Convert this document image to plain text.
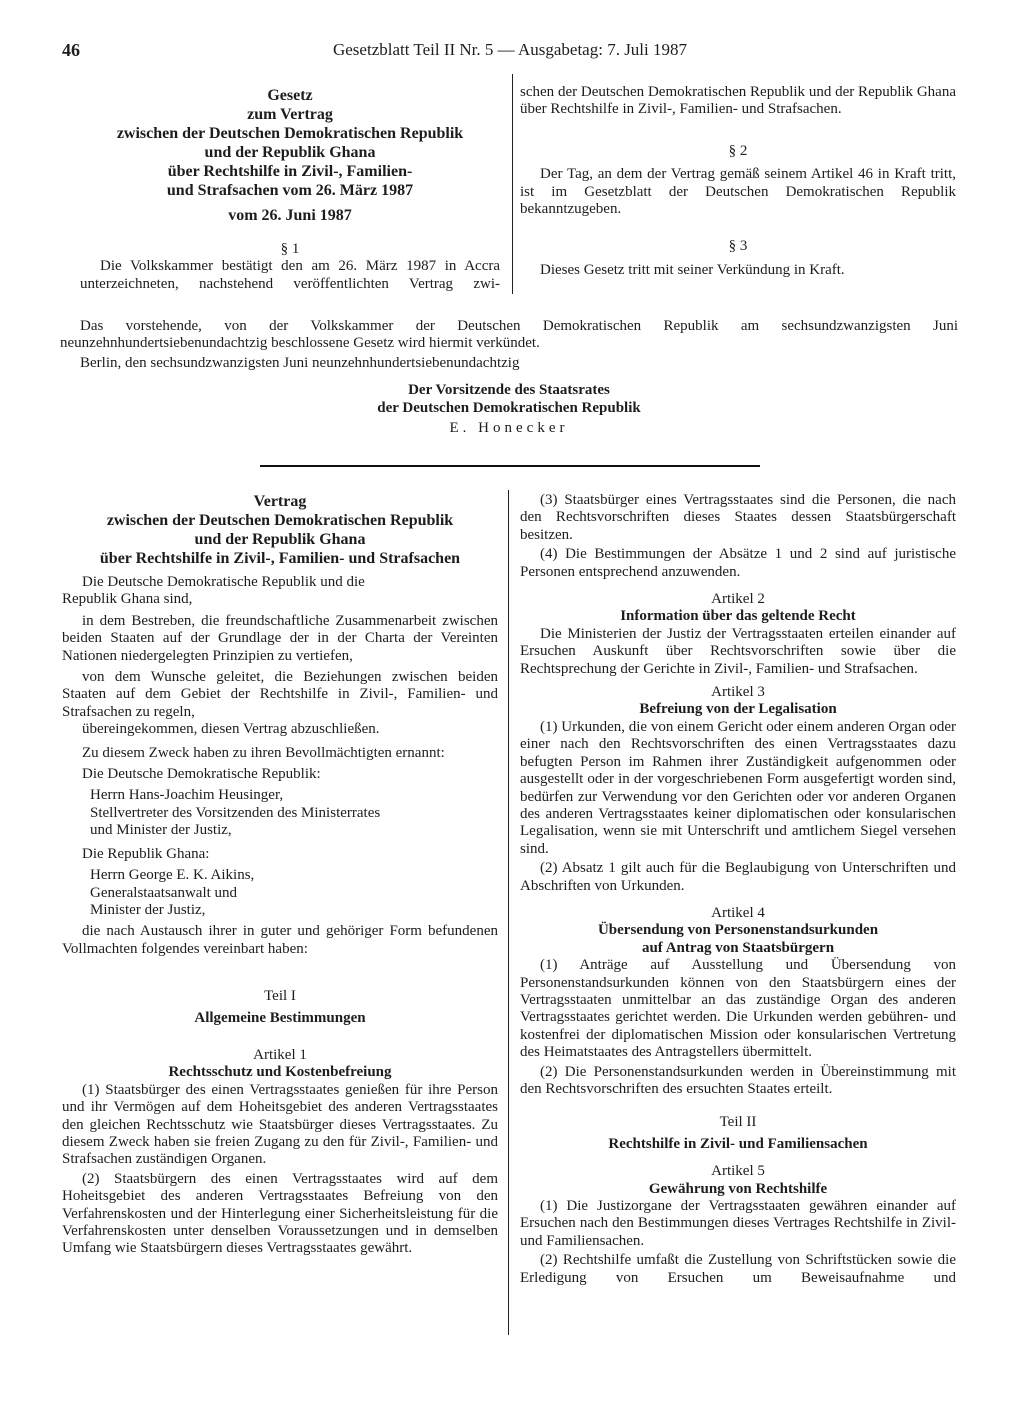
46	Gesetzblatt Teil II Nr. 5 — Ausgabetag: 7. Juli 1987

Gesetz

zum Vertrag

zwischen der Deutschen Demokratischen Republik

und der Republik Ghana

über Rechtshilfe in Zivil-, Familien-

und Strafsachen vom 26. März 1987

vom 26. Juni 1987

§ 1

Die Volkskammer bestätigt den am 26. März 1987 in Accra unterzeichneten, nachstehend veröffentlichten Vertrag zwi-

schen der Deutschen Demokratischen Republik und der Republik Ghana über Rechtshilfe in Zivil-, Familien- und Strafsachen.

§ 2

Der Tag, an dem der Vertrag gemäß seinem Artikel 46 in Kraft tritt, ist im Gesetzblatt der Deutschen Demokratischen Republik bekanntzugeben.

§ 3

Dieses Gesetz tritt mit seiner Verkündung in Kraft.

Das vorstehende, von der Volkskammer der Deutschen Demokratischen Republik am sechsundzwanzigsten Juni neunzehnhundertsiebenundachtzig beschlossene Gesetz wird hiermit verkündet.

Berlin, den sechsundzwanzigsten Juni neunzehnhundertsiebenundachtzig

Der Vorsitzende des Staatsrates

der Deutschen Demokratischen Republik

E. Honecker

Vertrag

zwischen der Deutschen Demokratischen Republik

und der Republik Ghana

über Rechtshilfe in Zivil-, Familien- und Strafsachen

Die Deutsche Demokratische Republik und die Republik Ghana sind,

in dem Bestreben, die freundschaftliche Zusammenarbeit zwischen beiden Staaten auf der Grundlage der in der Charta der Vereinten Nationen niedergelegten Prinzipien zu vertiefen,

von dem Wunsche geleitet, die Beziehungen zwischen beiden Staaten auf dem Gebiet der Rechtshilfe in Zivil-, Familien- und Strafsachen zu regeln,

übereingekommen, diesen Vertrag abzuschließen.

Zu diesem Zweck haben zu ihren Bevollmächtigten ernannt:

Die Deutsche Demokratische Republik:

Herrn Hans-Joachim Heusinger,

Stellvertreter des Vorsitzenden des Ministerrates

und Minister der Justiz,

Die Republik Ghana:

Herrn George E. K. Aikins,

Generalstaatsanwalt und

Minister der Justiz,

die nach Austausch ihrer in guter und gehöriger Form befundenen Vollmachten folgendes vereinbart haben:

Teil I

Allgemeine Bestimmungen

Artikel 1

Rechtsschutz und Kostenbefreiung

(1) Staatsbürger des einen Vertragsstaates genießen für ihre Person und ihr Vermögen auf dem Hoheitsgebiet des anderen Vertragsstaates den gleichen Rechtsschutz wie Staatsbürger dieses Vertragsstaates. Zu diesem Zweck haben sie freien Zugang zu den für Zivil-, Familien- und Strafsachen zuständigen Organen.

(2) Staatsbürgern des einen Vertragsstaates wird auf dem Hoheitsgebiet des anderen Vertragsstaates Befreiung von den Verfahrenskosten und der Hinterlegung einer Sicherheitsleistung für die Verfahrenskosten unter denselben Voraussetzungen und in demselben Umfang wie Staatsbürgern dieses Vertragsstaates gewährt.

(3) Staatsbürger eines Vertragsstaates sind die Personen, die nach den Rechtsvorschriften dieses Staates dessen Staatsbürgerschaft besitzen.

(4) Die Bestimmungen der Absätze 1 und 2 sind auf juristische Personen entsprechend anzuwenden.

Artikel 2

Information über das geltende Recht

Die Ministerien der Justiz der Vertragsstaaten erteilen einander auf Ersuchen Auskunft über Rechtsvorschriften sowie über die Rechtsprechung der Gerichte in Zivil-, Familien- und Strafsachen.

Artikel 3

Befreiung von der Legalisation

(1) Urkunden, die von einem Gericht oder einem anderen Organ oder einer nach den Rechtsvorschriften des einen Vertragsstaates dazu befugten Person im Rahmen ihrer Zuständigkeit aufgenommen oder ausgestellt oder in der vorgeschriebenen Form ausgefertigt worden sind, bedürfen zur Verwendung vor den Gerichten oder vor anderen Organen des anderen Vertragsstaates keiner diplomatischen oder konsularischen Legalisation, wenn sie mit Unterschrift und amtlichem Siegel versehen sind.

(2) Absatz 1 gilt auch für die Beglaubigung von Unterschriften und Abschriften von Urkunden.

Artikel 4

Übersendung von Personenstandsurkunden

auf Antrag von Staatsbürgern

(1) Anträge auf Ausstellung und Übersendung von Personenstandsurkunden können von den Staatsbürgern eines der Vertragsstaaten unmittelbar an das zuständige Organ des anderen Vertragsstaates gerichtet werden. Die Urkunden werden gebühren- und kostenfrei der diplomatischen Mission oder konsularischen Vertretung des Heimatstaates des Antragstellers übermittelt.

(2) Die Personenstandsurkunden werden in Übereinstimmung mit den Rechtsvorschriften des ersuchten Staates erteilt.

Teil II

Rechtshilfe in Zivil- und Familiensachen

Artikel 5

Gewährung von Rechtshilfe

(1) Die Justizorgane der Vertragsstaaten gewähren einander auf Ersuchen nach den Bestimmungen dieses Vertrages Rechtshilfe in Zivil- und Familiensachen.

(2) Rechtshilfe umfaßt die Zustellung von Schriftstücken sowie die Erledigung von Ersuchen um Beweisaufnahme und
